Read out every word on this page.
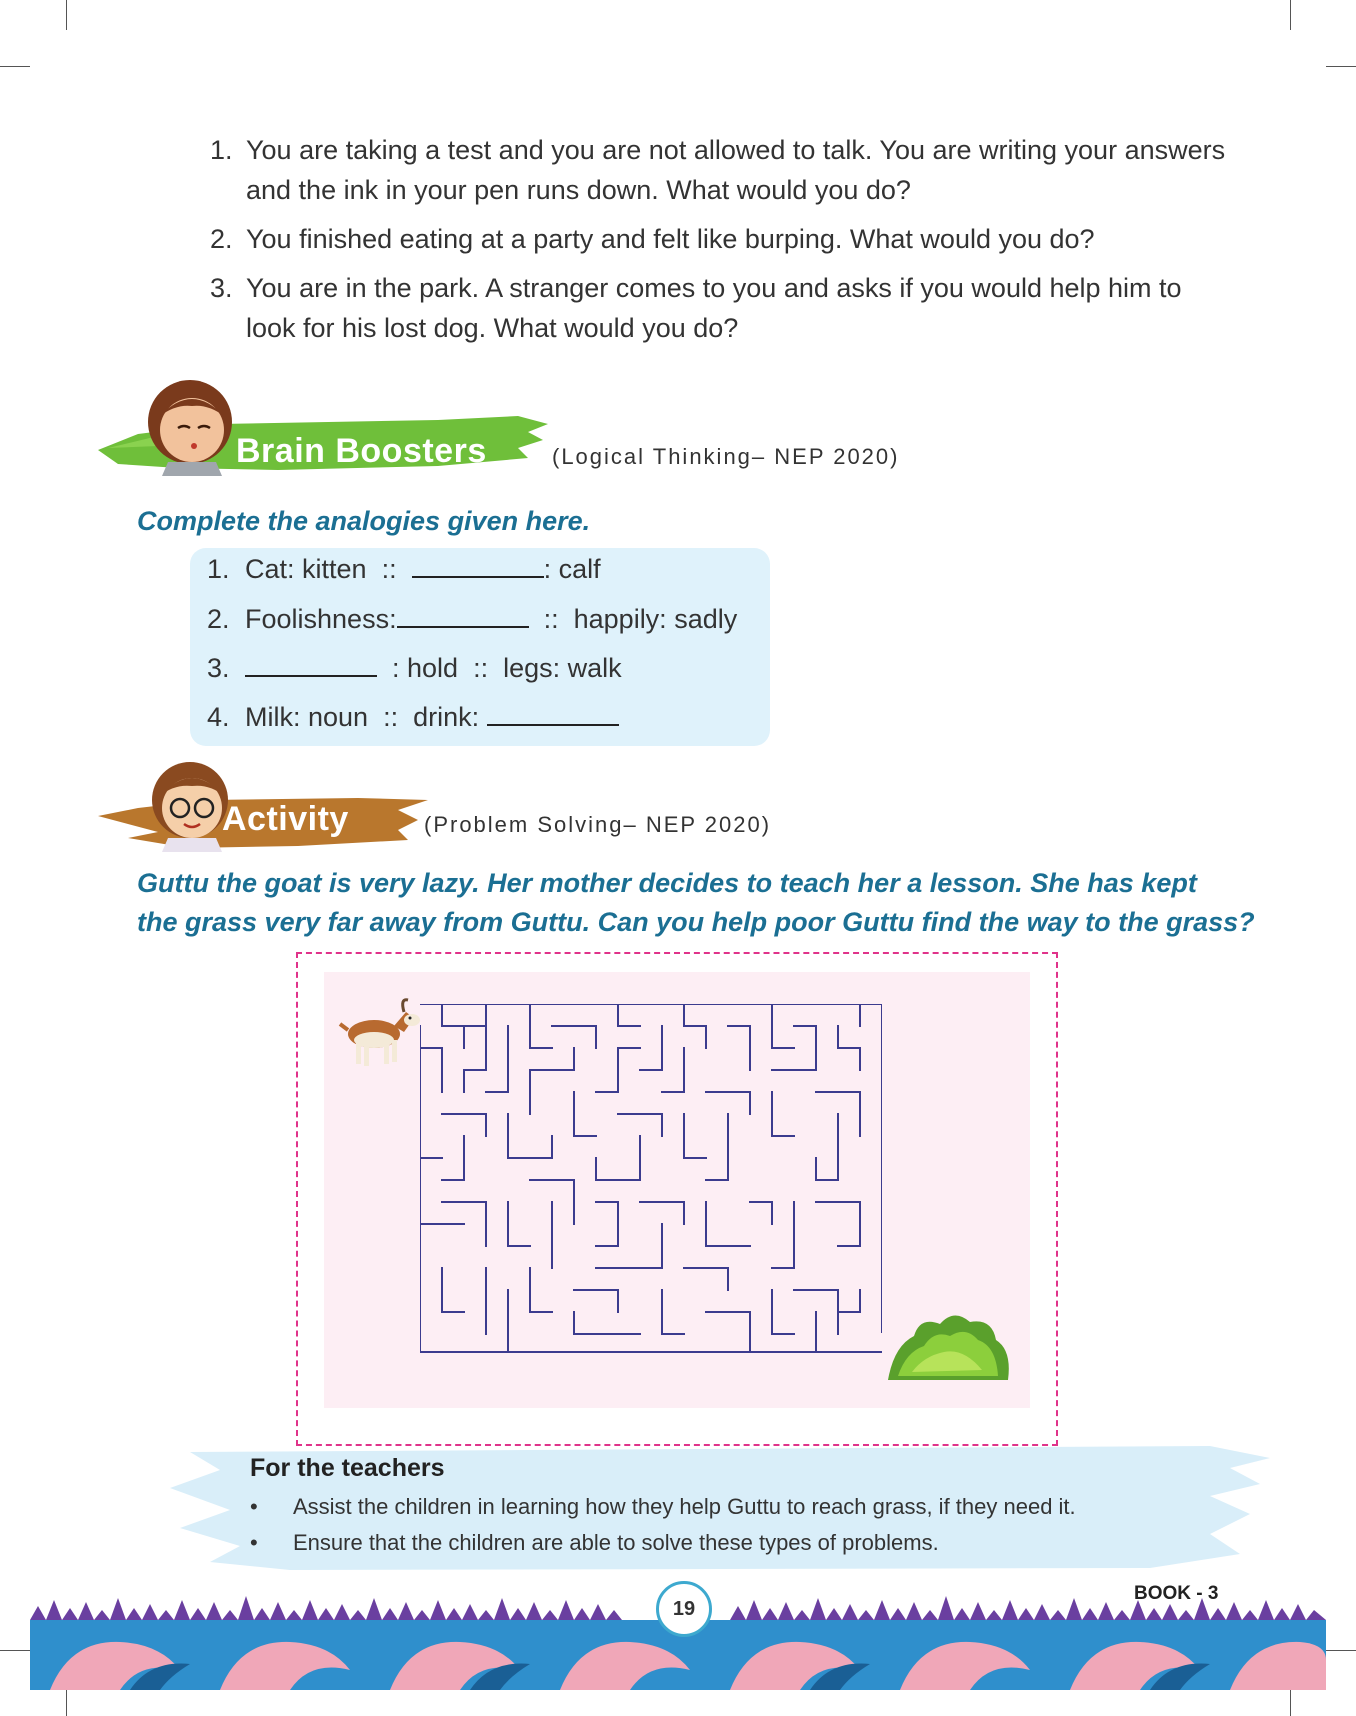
1. You are taking a test and you are not allowed to talk. You are writing your answers and the ink in your pen runs down. What would you do?
2. You finished eating at a party and felt like burping. What would you do?
3. You are in the park. A stranger comes to you and asks if you would help him to look for his lost dog. What would you do?
Brain Boosters	(Logical Thinking– NEP 2020)
Complete the analogies given here.
1. Cat: kitten ::	: calf
2. Foolishness:	:: happily: sadly
3.	: hold :: legs: walk
4. Milk: noun :: drink:
Activity	(Problem Solving– NEP 2020)
Guttu the goat is very lazy. Her mother decides to teach her a lesson. She has kept
the grass very far away from Guttu. Can you help poor Guttu find the way to the grass?
For the teachers
•	Assist the children in learning how they help Guttu to reach grass, if they need it.
•	Ensure that the children are able to solve these types of problems.
19
BOOK - 3
